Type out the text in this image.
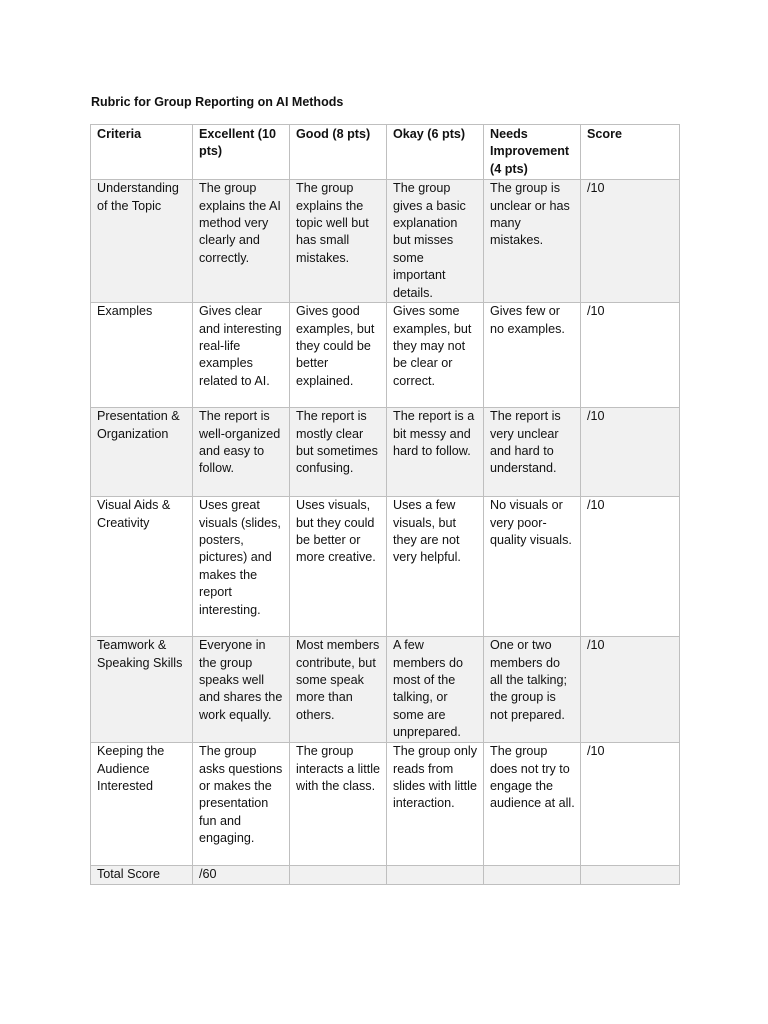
Rubric for Group Reporting on AI Methods
Criteria	Excellent (10 pts)	Good (8 pts)	Okay (6 pts)	Needs Improvement (4 pts)	Score
Understanding of the Topic	The group explains the AI method very clearly and correctly.	The group explains the topic well but has small mistakes.	The group gives a basic explanation but misses some important details.	The group is unclear or has many mistakes.	/10
Examples	Gives clear and interesting real-life examples related to AI.	Gives good examples, but they could be better explained.	Gives some examples, but they may not be clear or correct.	Gives few or no examples.	/10
Presentation & Organization	The report is well-organized and easy to follow.	The report is mostly clear but sometimes confusing.	The report is a bit messy and hard to follow.	The report is very unclear and hard to understand.	/10
Visual Aids & Creativity	Uses great visuals (slides, posters, pictures) and makes the report interesting.	Uses visuals, but they could be better or more creative.	Uses a few visuals, but they are not very helpful.	No visuals or very poor-quality visuals.	/10
Teamwork & Speaking Skills	Everyone in the group speaks well and shares the work equally.	Most members contribute, but some speak more than others.	A few members do most of the talking, or some are unprepared.	One or two members do all the talking; the group is not prepared.	/10
Keeping the Audience Interested	The group asks questions or makes the presentation fun and engaging.	The group interacts a little with the class.	The group only reads from slides with little interaction.	The group does not try to engage the audience at all.	/10
Total Score	/60				
